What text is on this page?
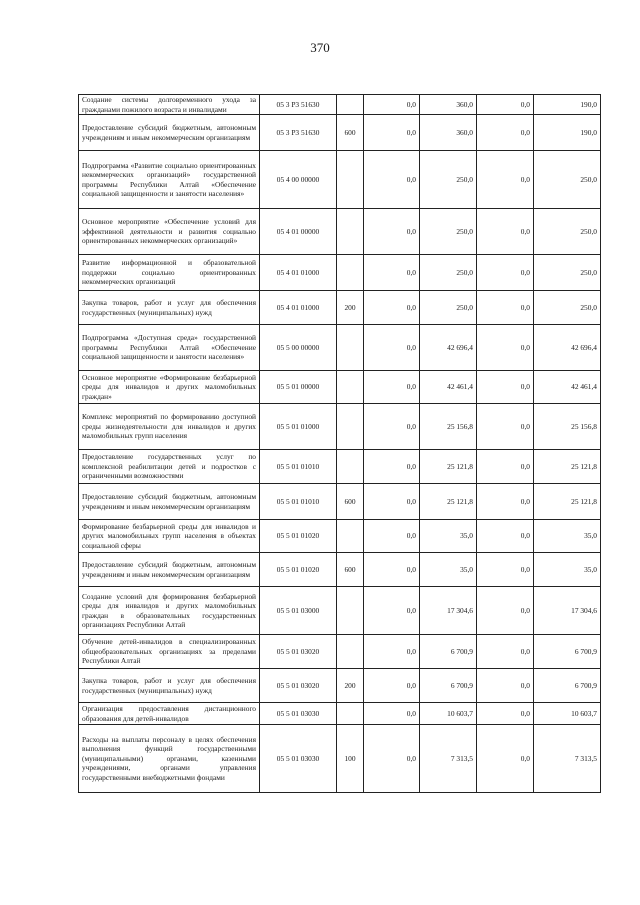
370
Создание системы долговременного ухода за гражданами пожилого возраста и инвалидами	05 3 P3 51630		0,0	360,0	0,0	190,0
Предоставление субсидий бюджетным, автономным учреждениям и иным некоммерческим организациям	05 3 P3 51630	600	0,0	360,0	0,0	190,0
Подпрограмма «Развитие социально ориентированных некоммерческих организаций» государственной программы Республики Алтай «Обеспечение социальной защищенности и занятости населения»	05 4 00 00000		0,0	250,0	0,0	250,0
Основное мероприятие «Обеспечение условий для эффективной деятельности и развития социально ориентированных некоммерческих организаций»	05 4 01 00000		0,0	250,0	0,0	250,0
Развитие информационной и образовательной поддержки социально ориентированных некоммерческих организаций	05 4 01 01000		0,0	250,0	0,0	250,0
Закупка товаров, работ и услуг для обеспечения государственных (муниципальных) нужд	05 4 01 01000	200	0,0	250,0	0,0	250,0
Подпрограмма «Доступная среда» государственной программы Республики Алтай «Обеспечение социальной защищенности и занятости населения»	05 5 00 00000		0,0	42 696,4	0,0	42 696,4
Основное мероприятие «Формирование безбарьерной среды для инвалидов и других маломобильных граждан»	05 5 01 00000		0,0	42 461,4	0,0	42 461,4
Комплекс мероприятий по формированию доступной среды жизнедеятельности для инвалидов и других маломобильных групп населения	05 5 01 01000		0,0	25 156,8	0,0	25 156,8
Предоставление государственных услуг по комплексной реабилитации детей и подростков с ограниченными возможностями	05 5 01 01010		0,0	25 121,8	0,0	25 121,8
Предоставление субсидий бюджетным, автономным учреждениям и иным некоммерческим организациям	05 5 01 01010	600	0,0	25 121,8	0,0	25 121,8
Формирование безбарьерной среды для инвалидов и других маломобильных групп населения в объектах социальной сферы	05 5 01 01020		0,0	35,0	0,0	35,0
Предоставление субсидий бюджетным, автономным учреждениям и иным некоммерческим организациям	05 5 01 01020	600	0,0	35,0	0,0	35,0
Создание условий для формирования безбарьерной среды для инвалидов и других маломобильных граждан в образовательных государственных организациях Республики Алтай	05 5 01 03000		0,0	17 304,6	0,0	17 304,6
Обучение детей-инвалидов в специализированных общеобразовательных организациях за пределами Республики Алтай	05 5 01 03020		0,0	6 700,9	0,0	6 700,9
Закупка товаров, работ и услуг для обеспечения государственных (муниципальных) нужд	05 5 01 03020	200	0,0	6 700,9	0,0	6 700,9
Организация предоставления дистанционного образования для детей-инвалидов	05 5 01 03030		0,0	10 603,7	0,0	10 603,7
Расходы на выплаты персоналу в целях обеспечения выполнения функций государственными (муниципальными) органами, казенными учреждениями, органами управления государственными внебюджетными фондами	05 5 01 03030	100	0,0	7 313,5	0,0	7 313,5
